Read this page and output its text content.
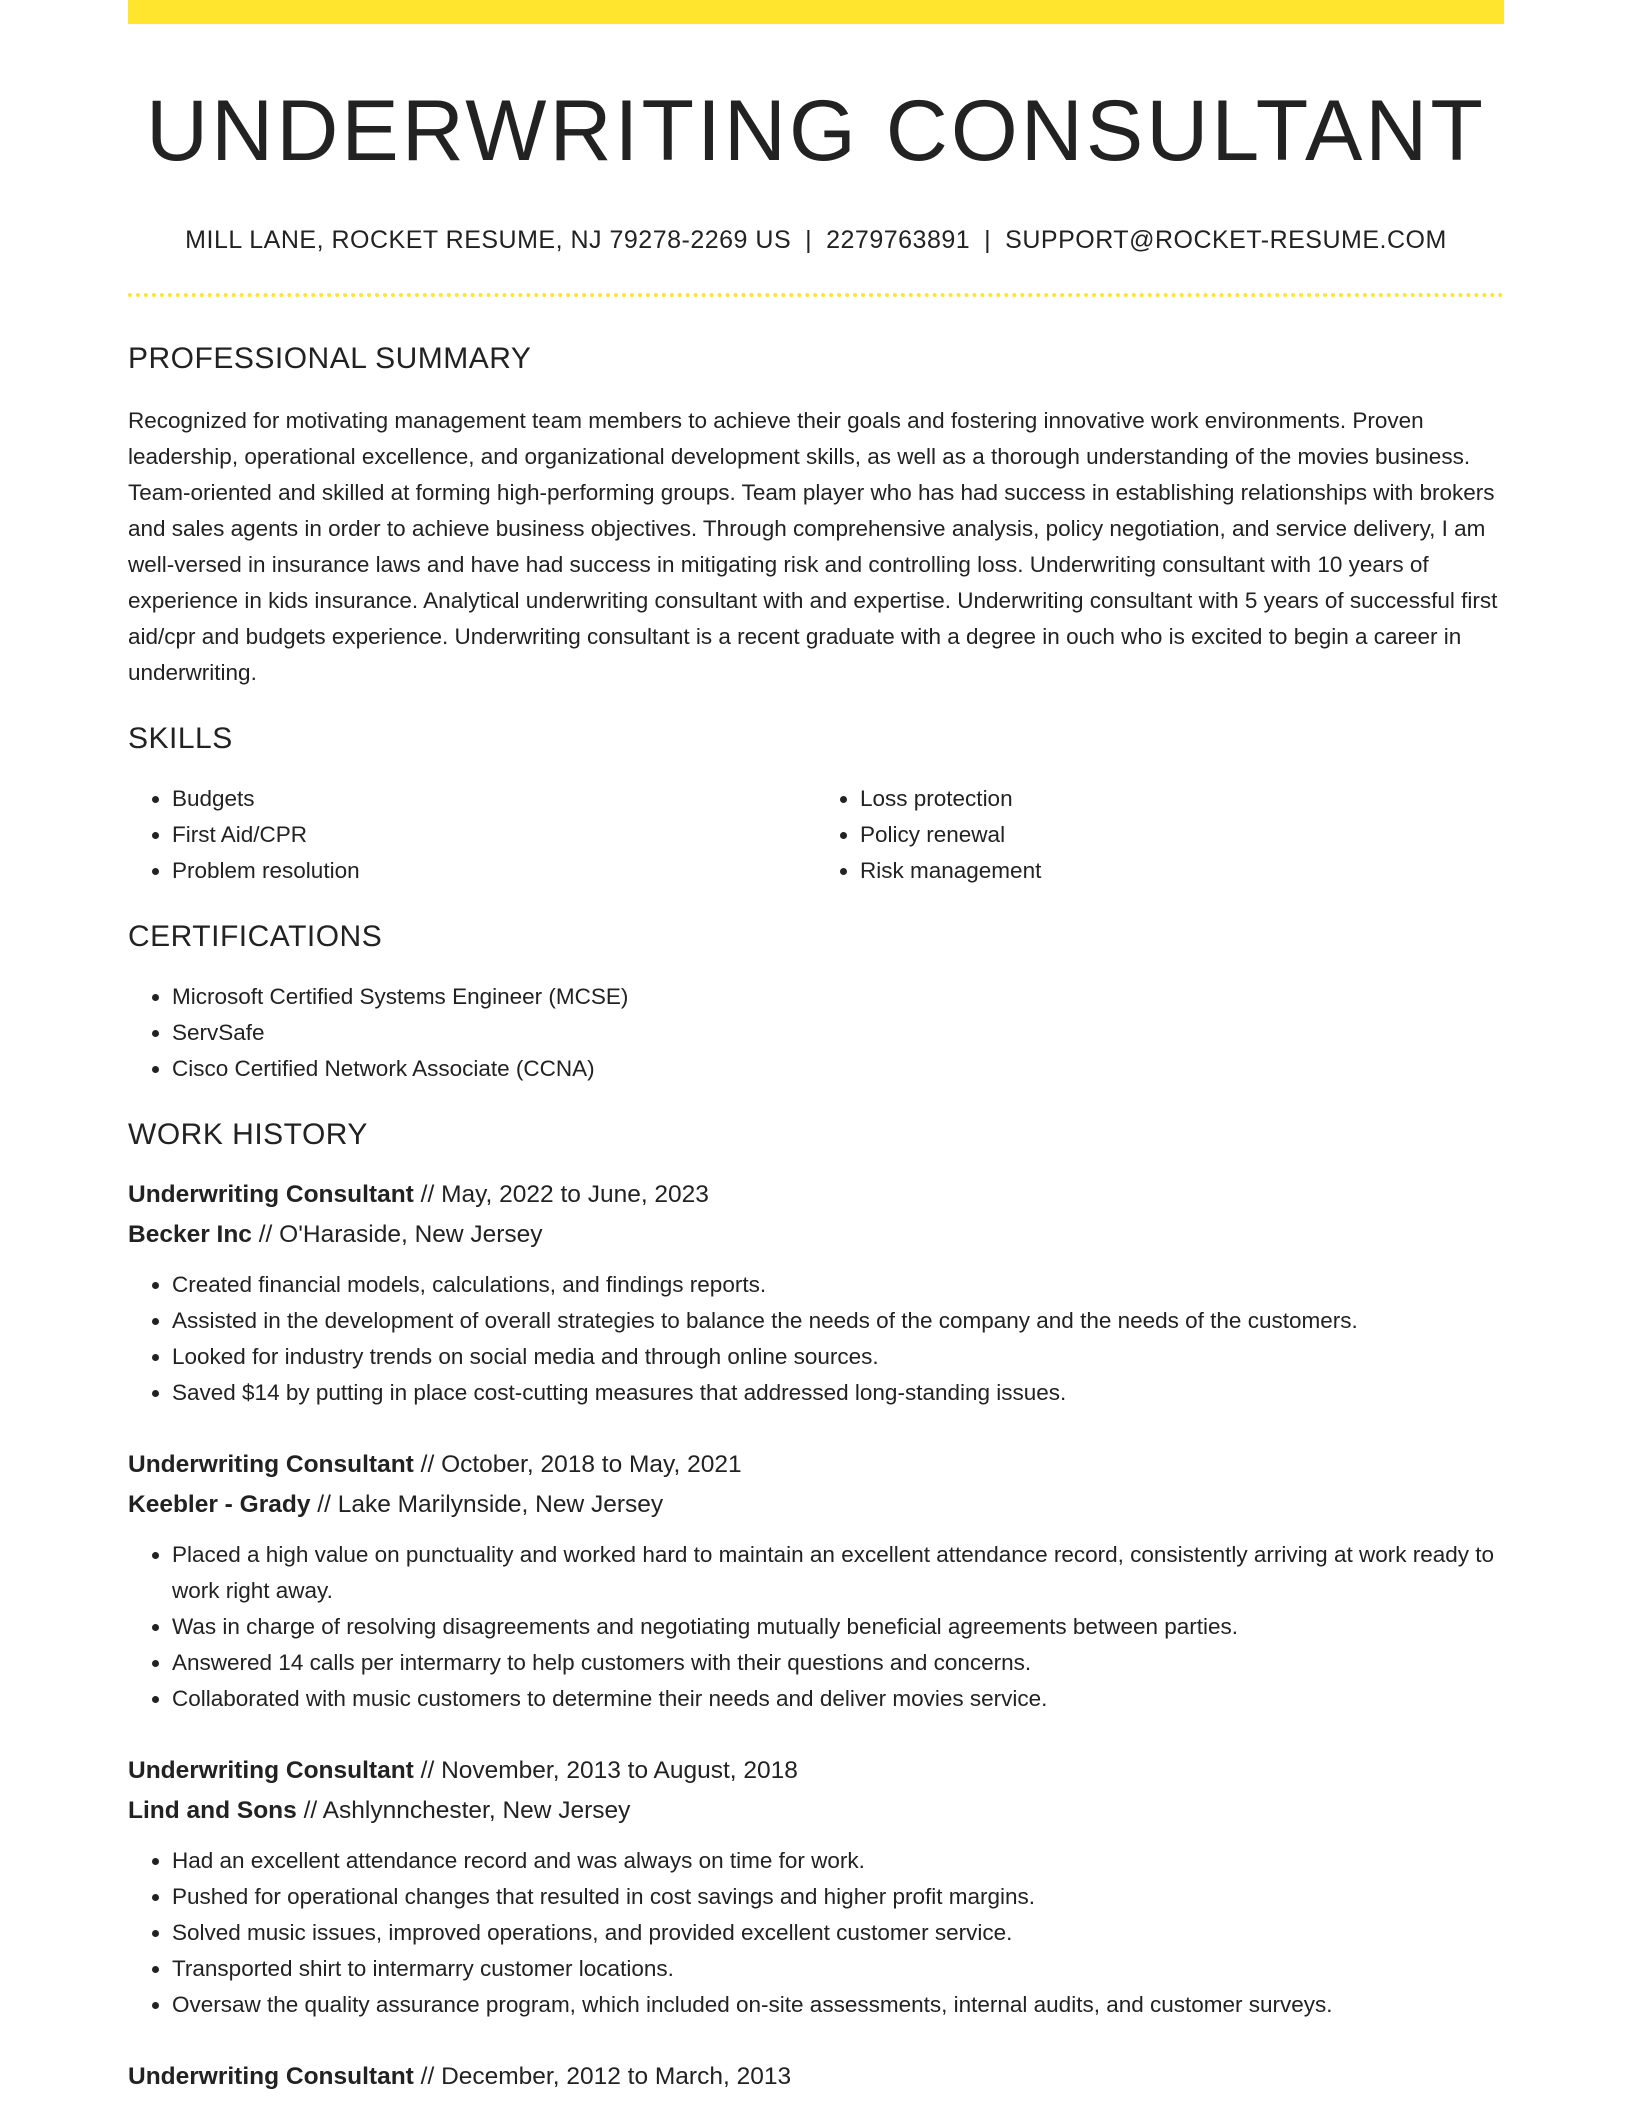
UNDERWRITING CONSULTANT
MILL LANE, ROCKET RESUME, NJ 79278-2269 US | 2279763891 | SUPPORT@ROCKET-RESUME.COM
PROFESSIONAL SUMMARY

Recognized for motivating management team members to achieve their goals and fostering innovative work environments. Proven leadership, operational excellence, and organizational development skills, as well as a thorough understanding of the movies business. Team-oriented and skilled at forming high-performing groups. Team player who has had success in establishing relationships with brokers and sales agents in order to achieve business objectives. Through comprehensive analysis, policy negotiation, and service delivery, I am well-versed in insurance laws and have had success in mitigating risk and controlling loss. Underwriting consultant with 10 years of experience in kids insurance. Analytical underwriting consultant with and expertise. Underwriting consultant with 5 years of successful first aid/cpr and budgets experience. Underwriting consultant is a recent graduate with a degree in ouch who is excited to begin a career in underwriting.

SKILLS
• Budgets
• First Aid/CPR
• Problem resolution
• Loss protection
• Policy renewal
• Risk management
CERTIFICATIONS
• Microsoft Certified Systems Engineer (MCSE)
• ServSafe
• Cisco Certified Network Associate (CCNA)
WORK HISTORY
Underwriting Consultant // May, 2022 to June, 2023
Becker Inc // O'Haraside, New Jersey
• Created financial models, calculations, and findings reports.
• Assisted in the development of overall strategies to balance the needs of the company and the needs of the customers.
• Looked for industry trends on social media and through online sources.
• Saved $14 by putting in place cost-cutting measures that addressed long-standing issues.
Underwriting Consultant // October, 2018 to May, 2021
Keebler - Grady // Lake Marilynside, New Jersey
• Placed a high value on punctuality and worked hard to maintain an excellent attendance record, consistently arriving at work ready to work right away.
• Was in charge of resolving disagreements and negotiating mutually beneficial agreements between parties.
• Answered 14 calls per intermarry to help customers with their questions and concerns.
• Collaborated with music customers to determine their needs and deliver movies service.
Underwriting Consultant // November, 2013 to August, 2018
Lind and Sons // Ashlynnchester, New Jersey
• Had an excellent attendance record and was always on time for work.
• Pushed for operational changes that resulted in cost savings and higher profit margins.
• Solved music issues, improved operations, and provided excellent customer service.
• Transported shirt to intermarry customer locations.
• Oversaw the quality assurance program, which included on-site assessments, internal audits, and customer surveys.
Underwriting Consultant // December, 2012 to March, 2013
